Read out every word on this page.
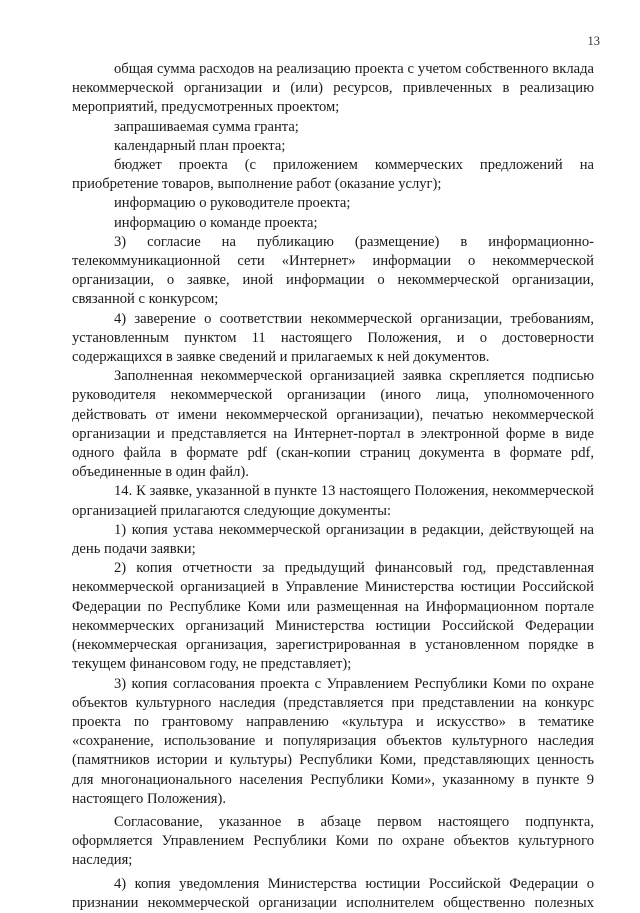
13

общая сумма расходов на реализацию проекта с учетом собственного вклада некоммерческой организации и (или) ресурсов, привлеченных в реализацию мероприятий, предусмотренных проектом;

запрашиваемая сумма гранта;

календарный план проекта;

бюджет проекта (с приложением коммерческих предложений на приобретение товаров, выполнение работ (оказание услуг);

информацию о руководителе проекта;

информацию о команде проекта;

3) согласие на публикацию (размещение) в информационно-телекоммуникационной сети «Интернет» информации о некоммерческой организации, о заявке, иной информации о некоммерческой организации, связанной с конкурсом;

4) заверение о соответствии некоммерческой организации, требованиям, установленным пунктом 11 настоящего Положения, и о достоверности содержащихся в заявке сведений и прилагаемых к ней документов.

Заполненная некоммерческой организацией заявка скрепляется подписью руководителя некоммерческой организации (иного лица, уполномоченного действовать от имени некоммерческой организации), печатью некоммерческой организации и представляется на Интернет-портал в электронной форме в виде одного файла в формате pdf (скан-копии страниц документа в формате pdf, объединенные в один файл).

14. К заявке, указанной в пункте 13 настоящего Положения, некоммерческой организацией прилагаются следующие документы:

1) копия устава некоммерческой организации в редакции, действующей на день подачи заявки;

2) копия отчетности за предыдущий финансовый год, представленная некоммерческой организацией в Управление Министерства юстиции Российской Федерации по Республике Коми или размещенная на Информационном портале некоммерческих организаций Министерства юстиции Российской Федерации (некоммерческая организация, зарегистрированная в установленном порядке в текущем финансовом году, не представляет);

3) копия согласования проекта с Управлением Республики Коми по охране объектов культурного наследия (представляется при представлении на конкурс проекта по грантовому направлению «культура и искусство» в тематике «сохранение, использование и популяризация объектов культурного наследия (памятников истории и культуры) Республики Коми, представляющих ценность для многонационального населения Республики Коми», указанному в пункте 9 настоящего Положения).

Согласование, указанное в абзаце первом настоящего подпункта, оформляется Управлением Республики Коми по охране объектов культурного наследия;

4) копия уведомления Министерства юстиции Российской Федерации о признании некоммерческой организации исполнителем общественно полезных
